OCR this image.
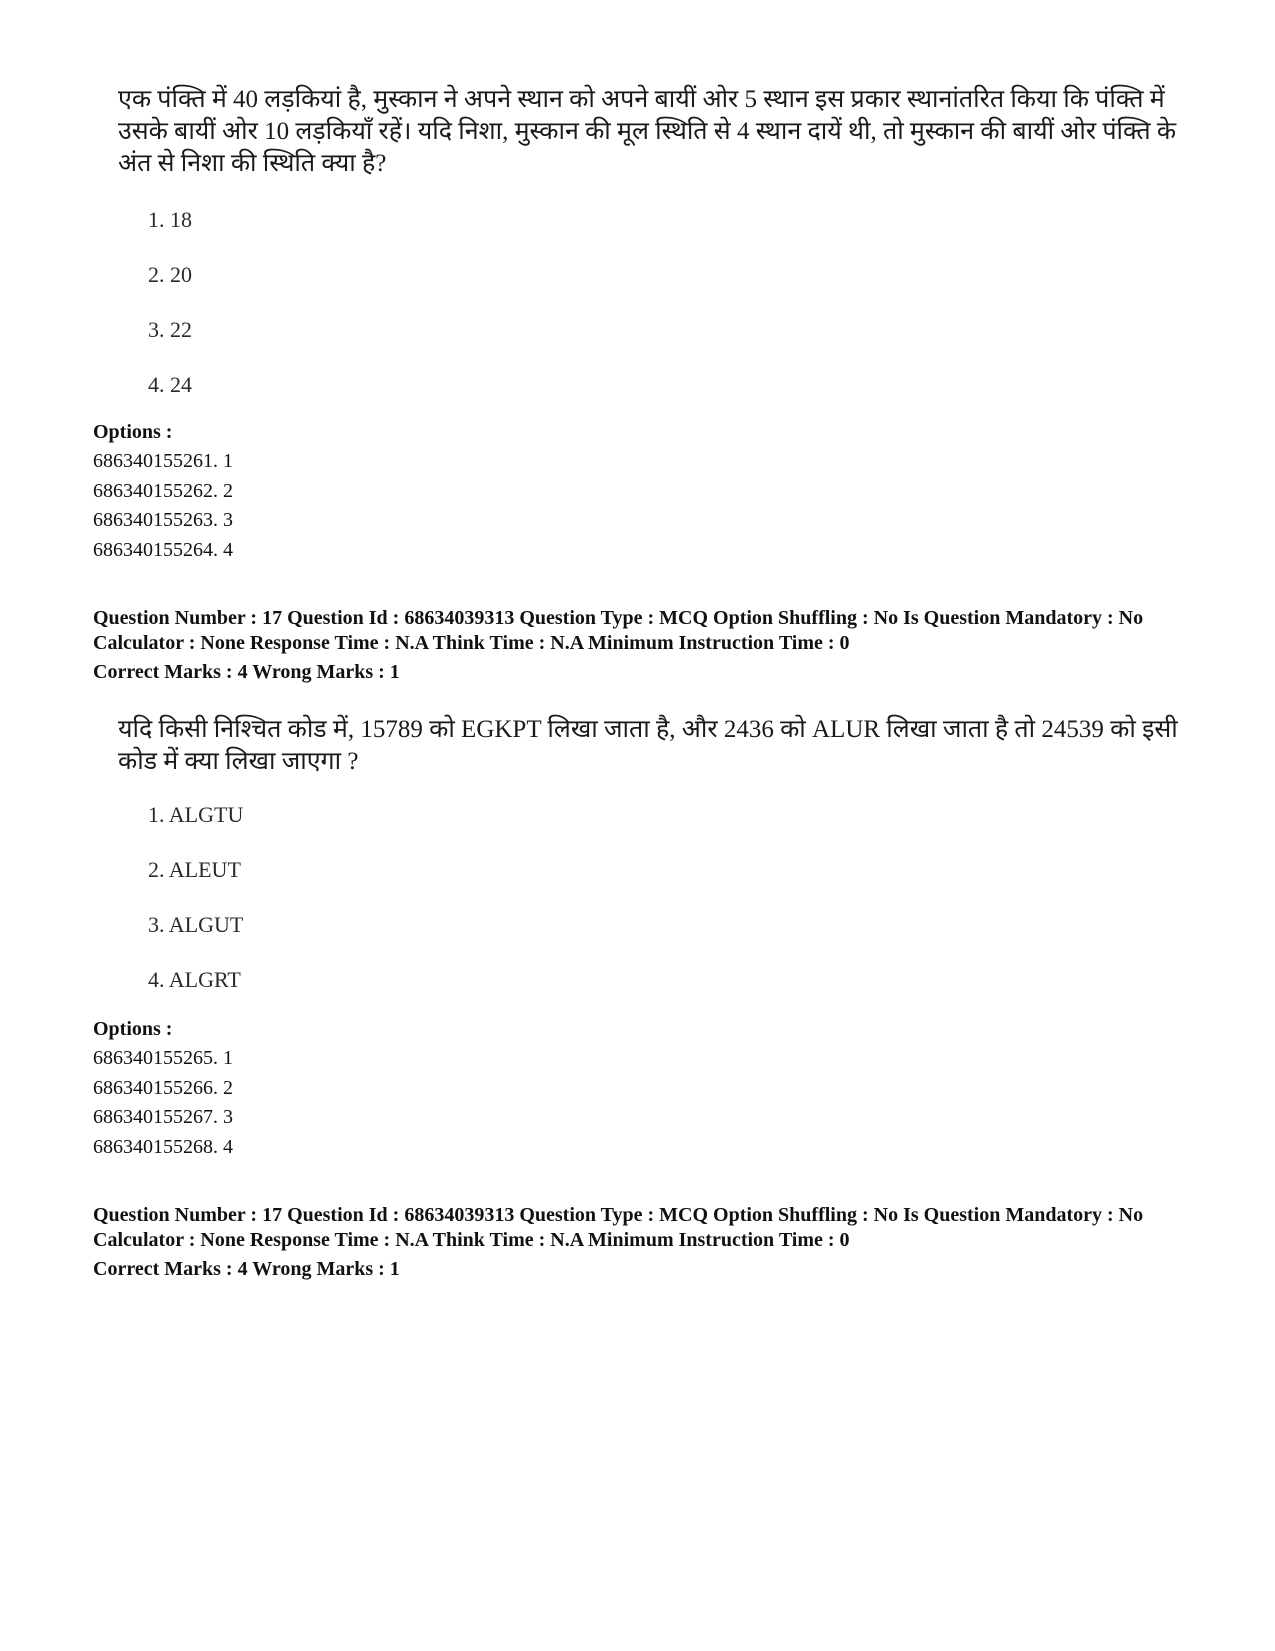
एक पंक्ति में 40 लड़कियां है, मुस्कान ने अपने स्थान को अपने बायीं ओर 5 स्थान इस प्रकार स्थानांतरित किया कि पंक्ति में उसके बायीं ओर 10 लड़कियाँ रहें। यदि निशा, मुस्कान की मूल स्थिति से 4 स्थान दायें थी, तो मुस्कान की बायीं ओर पंक्ति के अंत से निशा की स्थिति क्या है?
1. 18
2. 20
3. 22
4. 24
Options :
686340155261. 1
686340155262. 2
686340155263. 3
686340155264. 4
Question Number : 17 Question Id : 68634039313 Question Type : MCQ Option Shuffling : No Is Question Mandatory : No Calculator : None Response Time : N.A Think Time : N.A Minimum Instruction Time : 0
Correct Marks : 4 Wrong Marks : 1
यदि किसी निश्चित कोड में, 15789 को EGKPT लिखा जाता है, और 2436 को ALUR लिखा जाता है तो 24539 को इसी कोड में क्या लिखा जाएगा ?
1. ALGTU
2. ALEUT
3. ALGUT
4. ALGRT
Options :
686340155265. 1
686340155266. 2
686340155267. 3
686340155268. 4
Question Number : 17 Question Id : 68634039313 Question Type : MCQ Option Shuffling : No Is Question Mandatory : No Calculator : None Response Time : N.A Think Time : N.A Minimum Instruction Time : 0
Correct Marks : 4 Wrong Marks : 1
